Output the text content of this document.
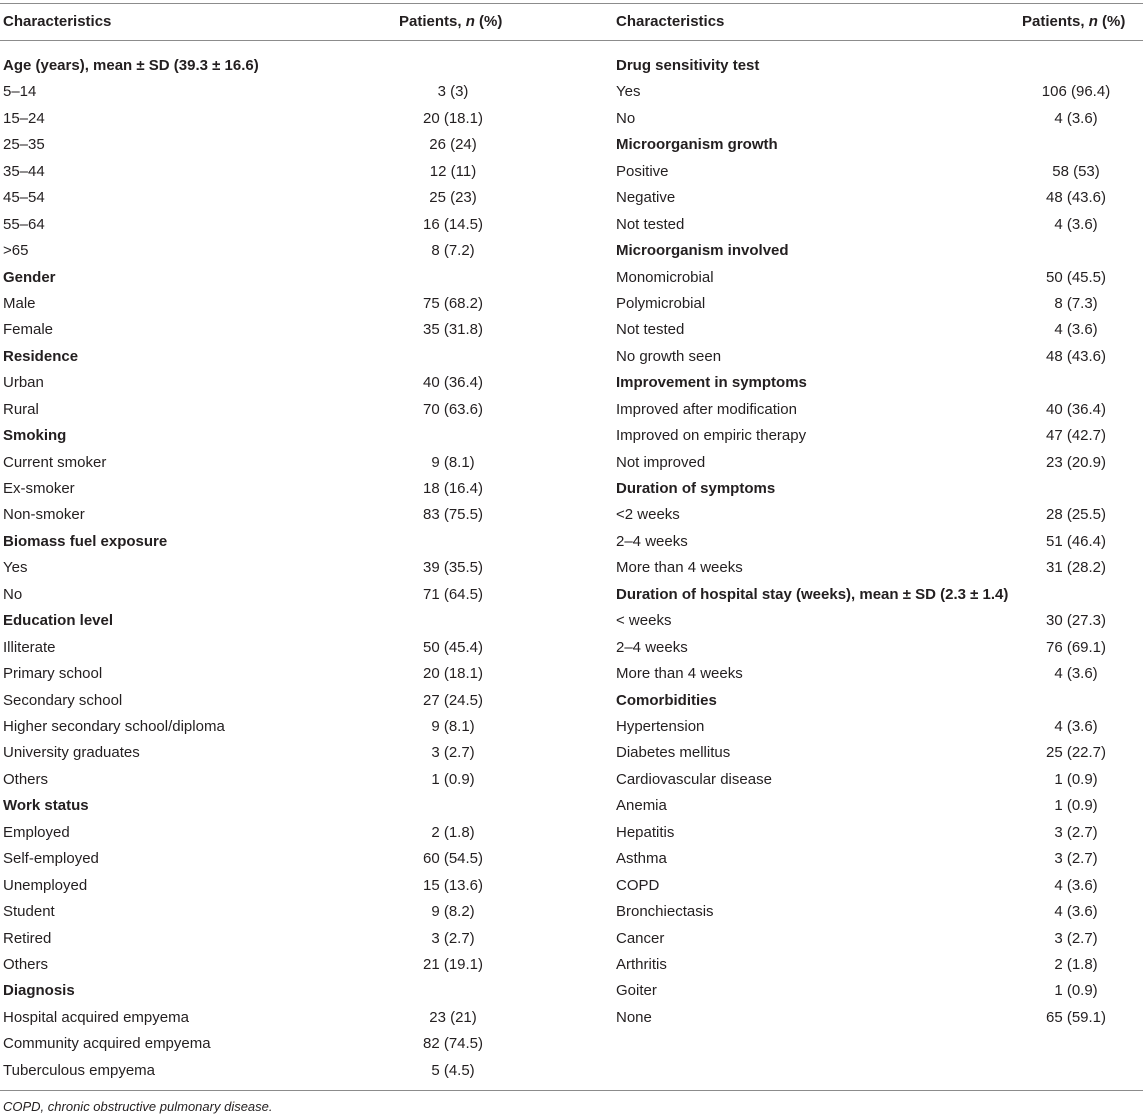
Characteristics	Patients, n (%)	Characteristics	Patients, n (%)
Age (years), mean ± SD (39.3 ± 16.6)
5–14	3 (3)
15–24	20 (18.1)
25–35	26 (24)
35–44	12 (11)
45–54	25 (23)
55–64	16 (14.5)
>65	8 (7.2)
Gender
Male	75 (68.2)
Female	35 (31.8)
Residence
Urban	40 (36.4)
Rural	70 (63.6)
Smoking
Current smoker	9 (8.1)
Ex-smoker	18 (16.4)
Non-smoker	83 (75.5)
Biomass fuel exposure
Yes	39 (35.5)
No	71 (64.5)
Education level
Illiterate	50 (45.4)
Primary school	20 (18.1)
Secondary school	27 (24.5)
Higher secondary school/diploma	9 (8.1)
University graduates	3 (2.7)
Others	1 (0.9)
Work status
Employed	2 (1.8)
Self-employed	60 (54.5)
Unemployed	15 (13.6)
Student	9 (8.2)
Retired	3 (2.7)
Others	21 (19.1)
Diagnosis
Hospital acquired empyema	23 (21)
Community acquired empyema	82 (74.5)
Tuberculous empyema	5 (4.5)
Drug sensitivity test
Yes	106 (96.4)
No	4 (3.6)
Microorganism growth
Positive	58 (53)
Negative	48 (43.6)
Not tested	4 (3.6)
Microorganism involved
Monomicrobial	50 (45.5)
Polymicrobial	8 (7.3)
Not tested	4 (3.6)
No growth seen	48 (43.6)
Improvement in symptoms
Improved after modification	40 (36.4)
Improved on empiric therapy	47 (42.7)
Not improved	23 (20.9)
Duration of symptoms
<2 weeks	28 (25.5)
2–4 weeks	51 (46.4)
More than 4 weeks	31 (28.2)
Duration of hospital stay (weeks), mean ± SD (2.3 ± 1.4)
< weeks	30 (27.3)
2–4 weeks	76 (69.1)
More than 4 weeks	4 (3.6)
Comorbidities
Hypertension	4 (3.6)
Diabetes mellitus	25 (22.7)
Cardiovascular disease	1 (0.9)
Anemia	1 (0.9)
Hepatitis	3 (2.7)
Asthma	3 (2.7)
COPD	4 (3.6)
Bronchiectasis	4 (3.6)
Cancer	3 (2.7)
Arthritis	2 (1.8)
Goiter	1 (0.9)
None	65 (59.1)
COPD, chronic obstructive pulmonary disease.
